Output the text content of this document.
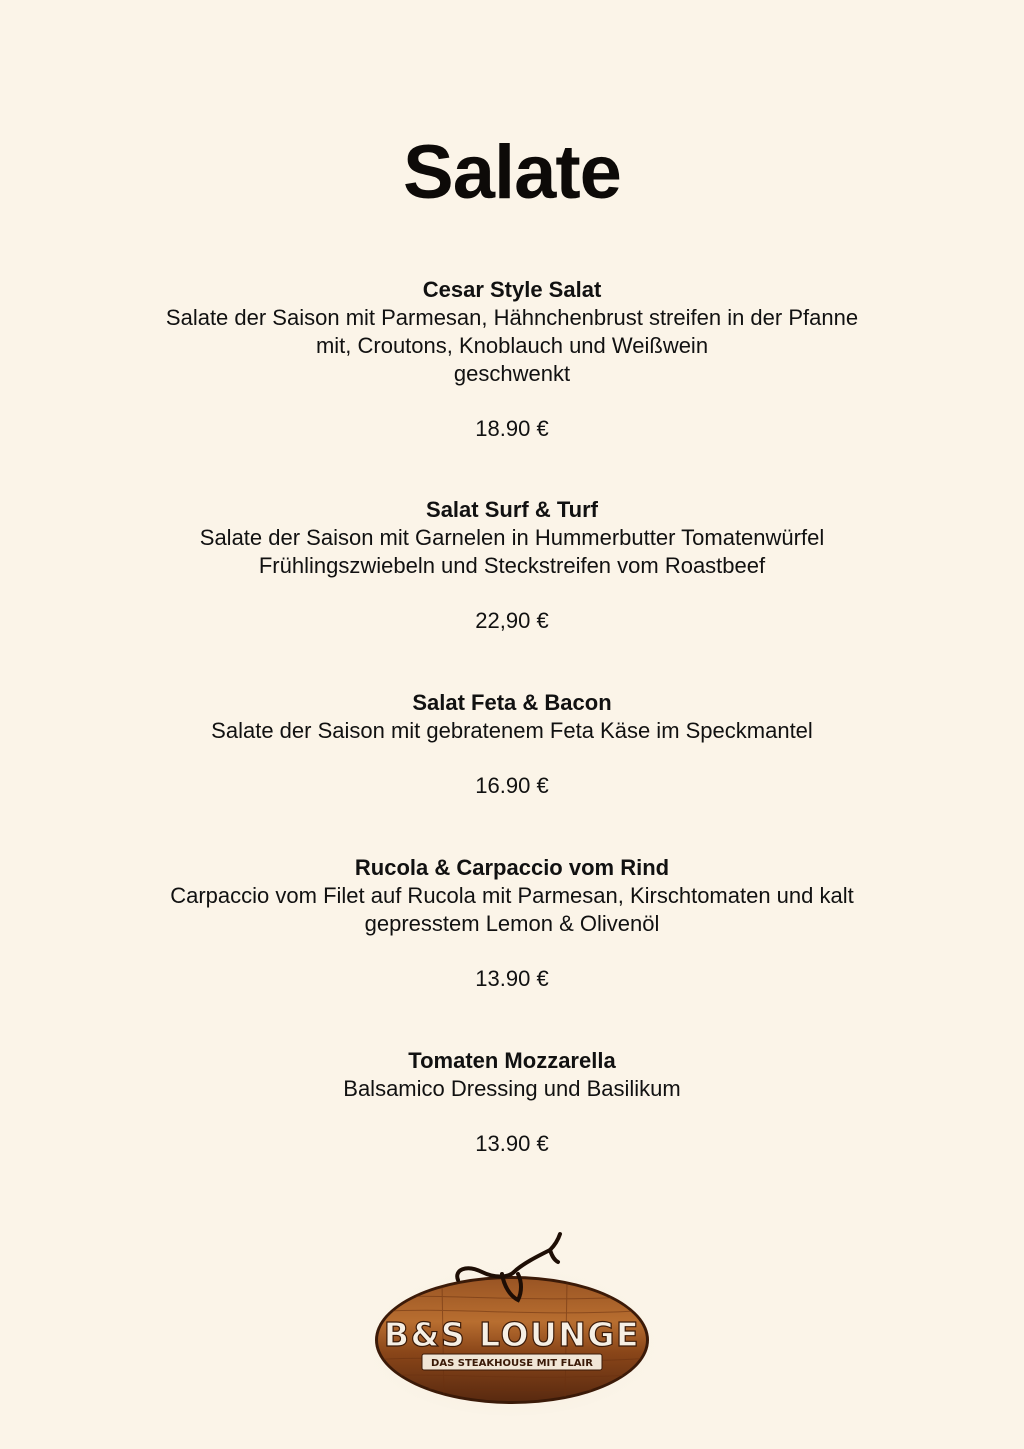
Salate
Cesar Style Salat
Salate der Saison mit Parmesan, Hähnchenbrust streifen in der Pfanne
mit, Croutons, Knoblauch und Weißwein
geschwenkt
18.90 €
Salat Surf & Turf
Salate der Saison mit Garnelen in Hummerbutter Tomatenwürfel
Frühlingszwiebeln und Steckstreifen vom Roastbeef
22,90 €
Salat Feta & Bacon
Salate der Saison mit gebratenem Feta Käse im Speckmantel
16.90 €
Rucola & Carpaccio vom Rind
Carpaccio vom Filet auf Rucola mit Parmesan, Kirschtomaten und kalt
gepresstem Lemon & Olivenöl
13.90 €
Tomaten Mozzarella
Balsamico Dressing und Basilikum
13.90 €
B&S LOUNGE
DAS STEAKHOUSE MIT FLAIR
